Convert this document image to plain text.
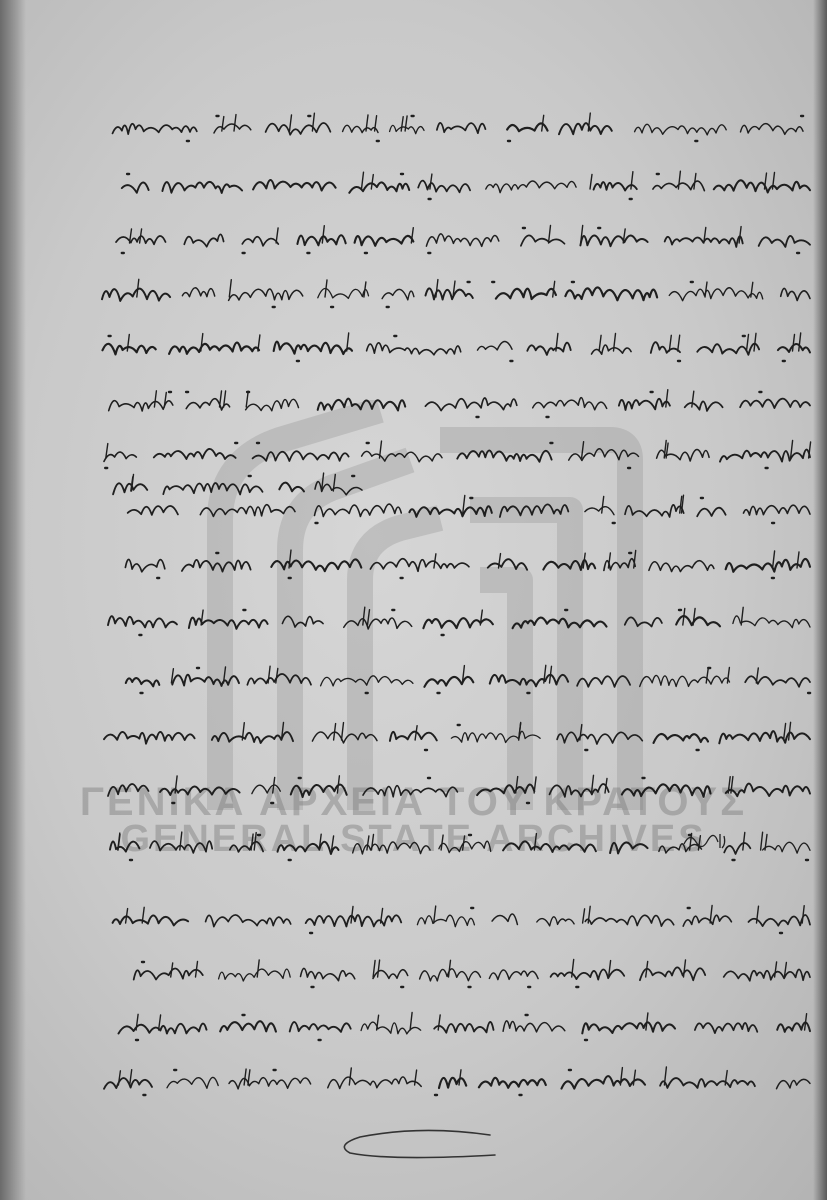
ΓΕΝΙΚΑ ΑΡΧΕΙΑ ΤΟΥ ΚΡΑΤΟΥΣ
GENERAL STATE ARCHIVES
